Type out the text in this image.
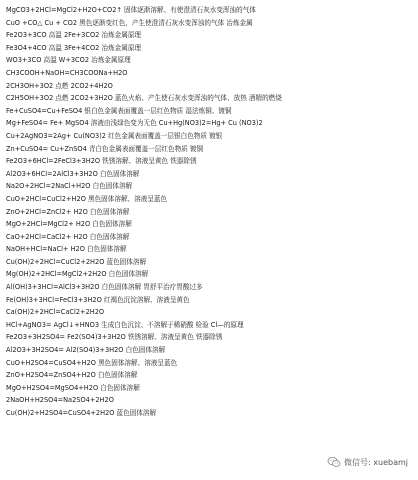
MgCO3+2HCl=MgCl2+H2O+CO2↑ 固体逐渐溶解、有使澄清石灰水变浑浊的气体
CuO +CO△ Cu + CO2 黑色逐渐变红色，产生使澄清石灰水变浑浊的气体 冶炼金属
Fe2O3+3CO 高温 2Fe+3CO2 冶炼金属原理
Fe3O4+4CO 高温 3Fe+4CO2 冶炼金属原理
WO3+3CO 高温 W+3CO2 冶炼金属原理
CH3COOH+NaOH=CH3COONa+H2O
2CH3OH+3O2 点燃 2CO2+4H2O
C2H5OH+3O2 点燃 2CO2+3H2O 蓝色火焰、产生使石灰水变浑浊的气体、放热 酒精的燃烧
Fe+CuSO4=Cu+FeSO4 银白色金属表面覆盖一层红色物质 湿法炼铜、镀铜
Mg+FeSO4= Fe+ MgSO4 溶液由浅绿色变为无色 Cu+Hg(NO3)2=Hg+ Cu (NO3)2
Cu+2AgNO3=2Ag+ Cu(NO3)2 红色金属表面覆盖一层银白色物质 镀银
Zn+CuSO4= Cu+ZnSO4 青白色金属表面覆盖一层红色物质 镀铜
Fe2O3+6HCl=2FeCl3+3H2O 铁锈溶解、溶液呈黄色 铁器除锈
Al2O3+6HCl=2AlCl3+3H2O 白色固体溶解
Na2O+2HCl=2NaCl+H2O 白色固体溶解
CuO+2HCl=CuCl2+H2O 黑色固体溶解、溶液呈蓝色
ZnO+2HCl=ZnCl2+ H2O 白色固体溶解
MgO+2HCl=MgCl2+ H2O 白色固体溶解
CaO+2HCl=CaCl2+ H2O 白色固体溶解
NaOH+HCl=NaCl+ H2O 白色固体溶解
Cu(OH)2+2HCl=CuCl2+2H2O 蓝色固体溶解
Mg(OH)2+2HCl=MgCl2+2H2O 白色固体溶解
Al(OH)3+3HCl=AlCl3+3H2O 白色固体溶解 胃舒平治疗胃酸过多
Fe(OH)3+3HCl=FeCl3+3H2O 红褐色沉淀溶解、溶液呈黄色
Ca(OH)2+2HCl=CaCl2+2H2O
HCl+AgNO3= AgCl↓+HNO3 生成白色沉淀、不溶解于稀硝酸 检验 Cl—的原理
Fe2O3+3H2SO4= Fe2(SO4)3+3H2O 铁锈溶解、溶液呈黄色 铁器除锈
Al2O3+3H2SO4= Al2(SO4)3+3H2O 白色固体溶解
CuO+H2SO4=CuSO4+H2O 黑色固体溶解、溶液呈蓝色
ZnO+H2SO4=ZnSO4+H2O 白色固体溶解
MgO+H2SO4=MgSO4+H2O 白色固体溶解
2NaOH+H2SO4=Na2SO4+2H2O
Cu(OH)2+H2SO4=CuSO4+2H2O 蓝色固体溶解
微信号: xuebamj
